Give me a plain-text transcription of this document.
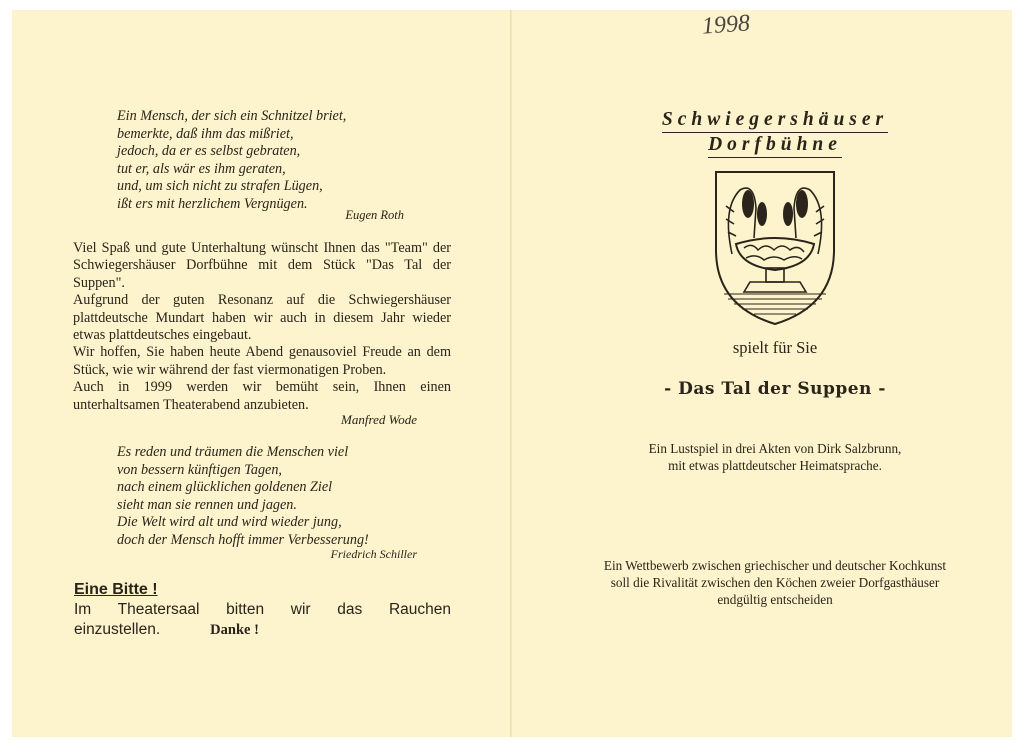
Ein Mensch, der sich ein Schnitzel briet,
bemerkte, daß ihm das mißriet,
jedoch, da er es selbst gebraten,
tut er, als wär es ihm geraten,
und, um sich nicht zu strafen Lügen,
ißt ers mit herzlichem Vergnügen.
Eugen Roth

Viel Spaß und gute Unterhaltung wünscht Ihnen das "Team" der Schwiegershäuser Dorfbühne mit dem Stück "Das Tal der Suppen".

Aufgrund der guten Resonanz auf die Schwiegershäuser plattdeutsche Mundart haben wir auch in diesem Jahr wieder etwas plattdeutsches eingebaut.

Wir hoffen, Sie haben heute Abend genausoviel Freude an dem Stück, wie wir während der fast viermonatigen Proben.

Auch in 1999 werden wir bemüht sein, Ihnen einen unterhaltsamen Theaterabend anzubieten.

Manfred Wode
Es reden und träumen die Menschen viel
von bessern künftigen Tagen,
nach einem glücklichen goldenen Ziel
sieht man sie rennen und jagen.
Die Welt wird alt und wird wieder jung,
doch der Mensch hofft immer Verbesserung!
Friedrich Schiller
Eine Bitte !
Im Theatersaal bitten wir das Rauchen
einzustellen.	Danke !
1998
Schwiegershäuser
Dorfbühne
spielt für Sie
- Das Tal der Suppen -
Ein Lustspiel in drei Akten von Dirk Salzbrunn,
mit etwas plattdeutscher Heimatsprache.
Ein Wettbewerb zwischen griechischer und deutscher Kochkunst
soll die Rivalität zwischen den Köchen zweier Dorfgasthäuser
endgültig entscheiden
